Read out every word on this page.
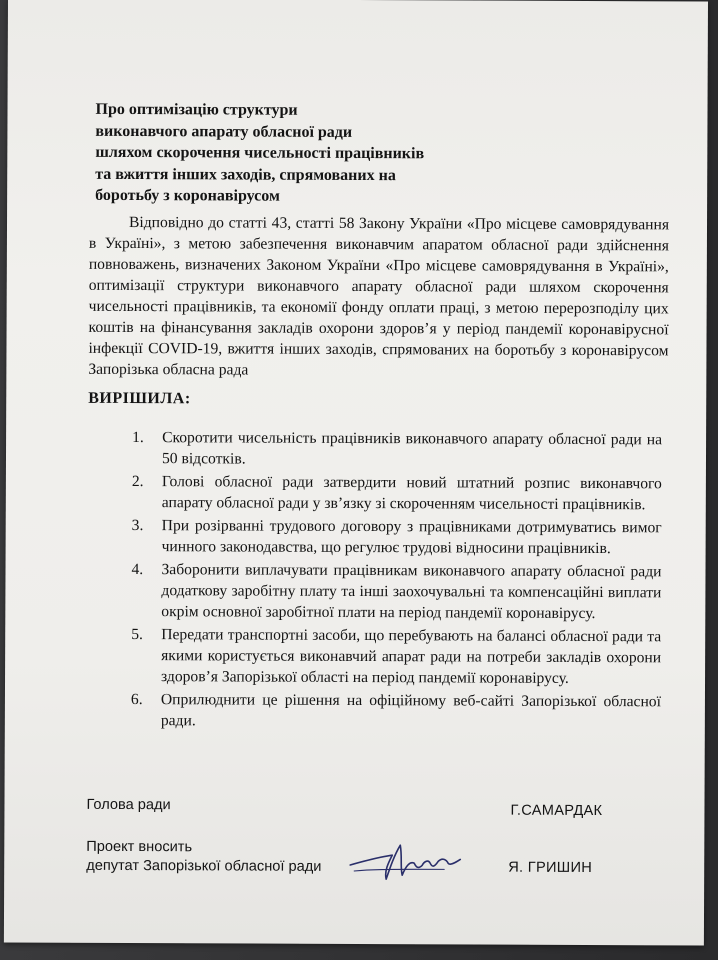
Про оптимізацію структури
виконавчого апарату обласної ради
шляхом скорочення чисельності працівників
та вжиття інших заходів, спрямованих на
боротьбу з коронавірусом

Відповідно до статті 43, статті 58 Закону України «Про місцеве самоврядування в Україні», з метою забезпечення виконавчим апаратом обласної ради здійснення повноважень, визначених Законом України «Про місцеве самоврядування в Україні», оптимізації структури виконавчого апарату обласної ради шляхом скорочення чисельності працівників, та економії фонду оплати праці, з метою перерозподілу цих коштів на фінансування закладів охорони здоров’я у період пандемії коронавірусної інфекції COVID-19, вжиття інших заходів, спрямованих на боротьбу з коронавірусом Запорізька обласна рада

ВИРІШИЛА:
1. Скоротити чисельність працівників виконавчого апарату обласної ради на 50 відсотків.
2. Голові обласної ради затвердити новий штатний розпис виконавчого апарату обласної ради у зв’язку зі скороченням чисельності працівників.
3. При розірванні трудового договору з працівниками дотримуватись вимог чинного законодавства, що регулює трудові відносини працівників.
4. Заборонити виплачувати працівникам виконавчого апарату обласної ради додаткову заробітну плату та інші заохочувальні та компенсаційні виплати окрім основної заробітної плати на період пандемії коронавірусу.
5. Передати транспортні засоби, що перебувають на балансі обласної ради та якими користується виконавчий апарат ради на потреби закладів охорони здоров’я Запорізької області на період пандемії коронавірусу.
6. Оприлюднити це рішення на офіційному веб-сайті Запорізької обласної ради.
Голова ради	Г.САМАРДАК
Проект вносить
депутат Запорізької обласної ради	Я. ГРИШИН
